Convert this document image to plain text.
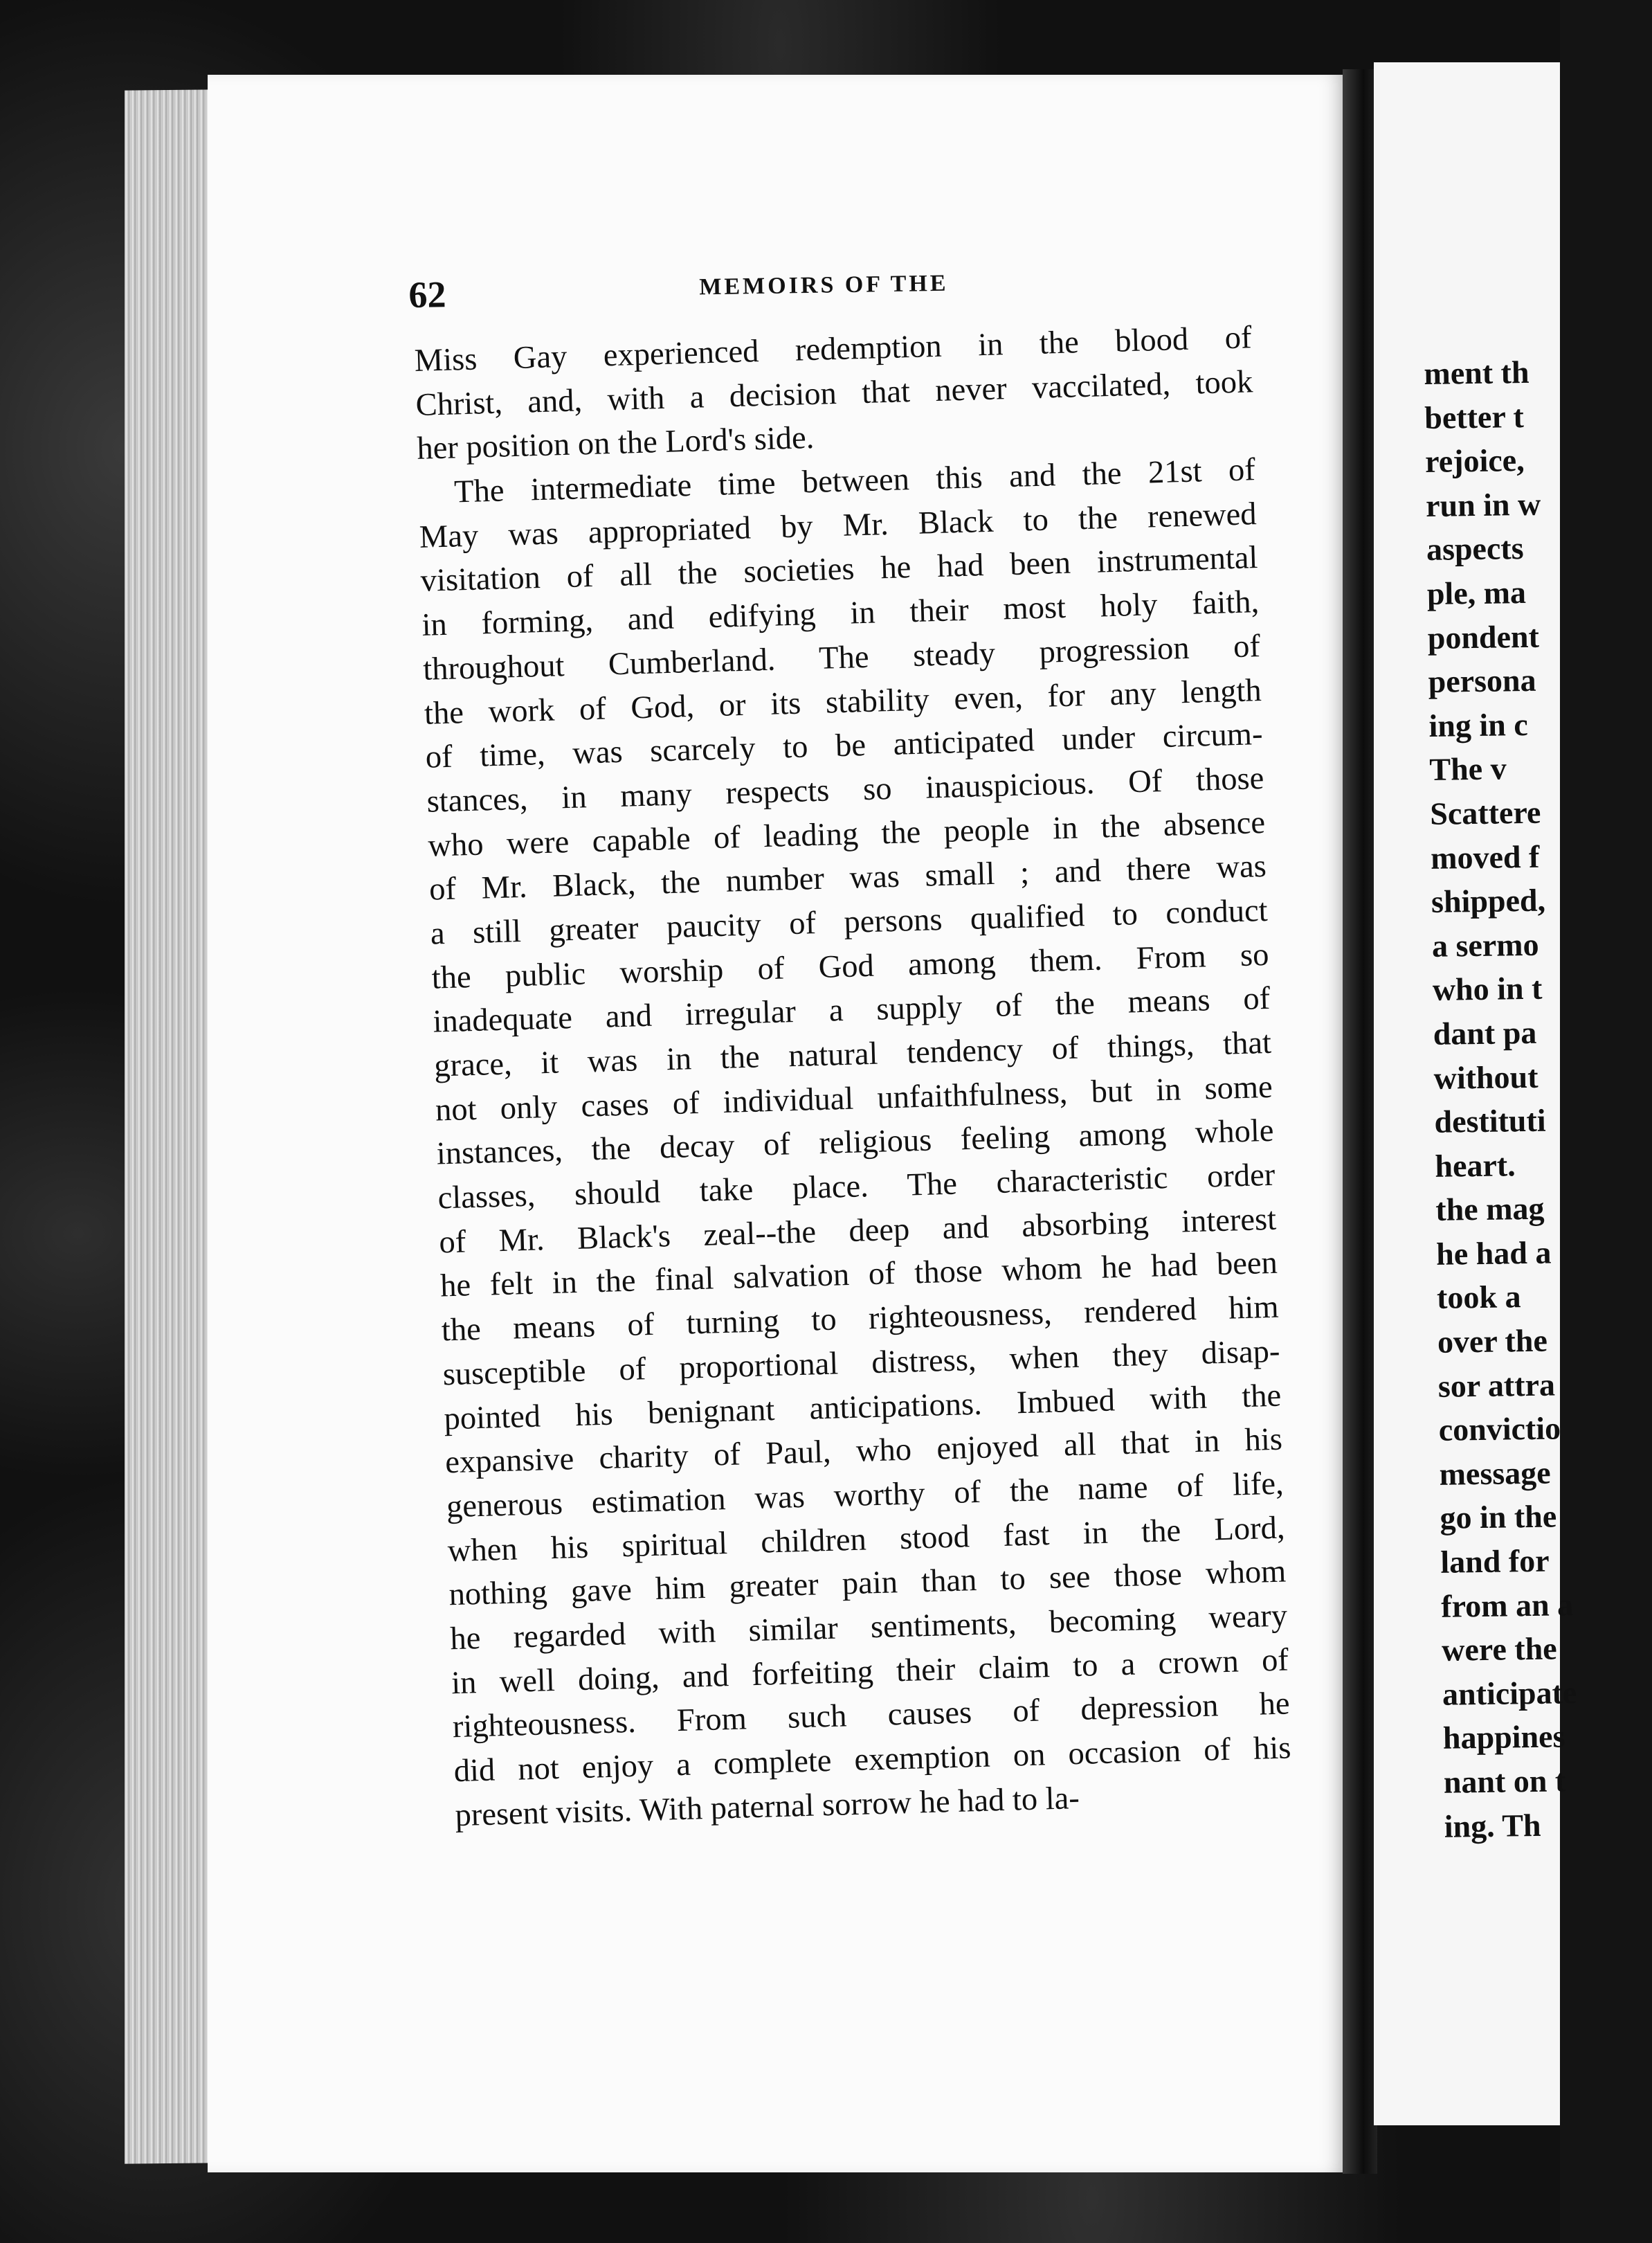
ment th
better t
rejoice,
run in w
aspects
ple, ma
pondent
persona
ing in c
The v
Scattere
moved f
shipped,
a sermo
who in t
dant pa
without
destituti
heart.
the mag
he had a
took a
over the
sor attra
convictio
message
go in the
land for
from an a
were the
anticipate
happines
nant on t
ing. Th
62	MEMOIRS OF THE
Miss Gay experienced redemption in the blood of
Christ, and, with a decision that never vaccilated, took
her position on the Lord's side.
The intermediate time between this and the 21st of
May was appropriated by Mr. Black to the renewed
visitation of all the societies he had been instrumental
in forming, and edifying in their most holy faith,
throughout Cumberland. The steady progression of
the work of God, or its stability even, for any length
of time, was scarcely to be anticipated under circum-
stances, in many respects so inauspicious. Of those
who were capable of leading the people in the absence
of Mr. Black, the number was small ; and there was
a still greater paucity of persons qualified to conduct
the public worship of God among them. From so
inadequate and irregular a supply of the means of
grace, it was in the natural tendency of things, that
not only cases of individual unfaithfulness, but in some
instances, the decay of religious feeling among whole
classes, should take place. The characteristic order
of Mr. Black's zeal--the deep and absorbing interest
he felt in the final salvation of those whom he had been
the means of turning to righteousness, rendered him
susceptible of proportional distress, when they disap-
pointed his benignant anticipations. Imbued with the
expansive charity of Paul, who enjoyed all that in his
generous estimation was worthy of the name of life,
when his spiritual children stood fast in the Lord,
nothing gave him greater pain than to see those whom
he regarded with similar sentiments, becoming weary
in well doing, and forfeiting their claim to a crown of
righteousness. From such causes of depression he
did not enjoy a complete exemption on occasion of his
present visits. With paternal sorrow he had to la-
